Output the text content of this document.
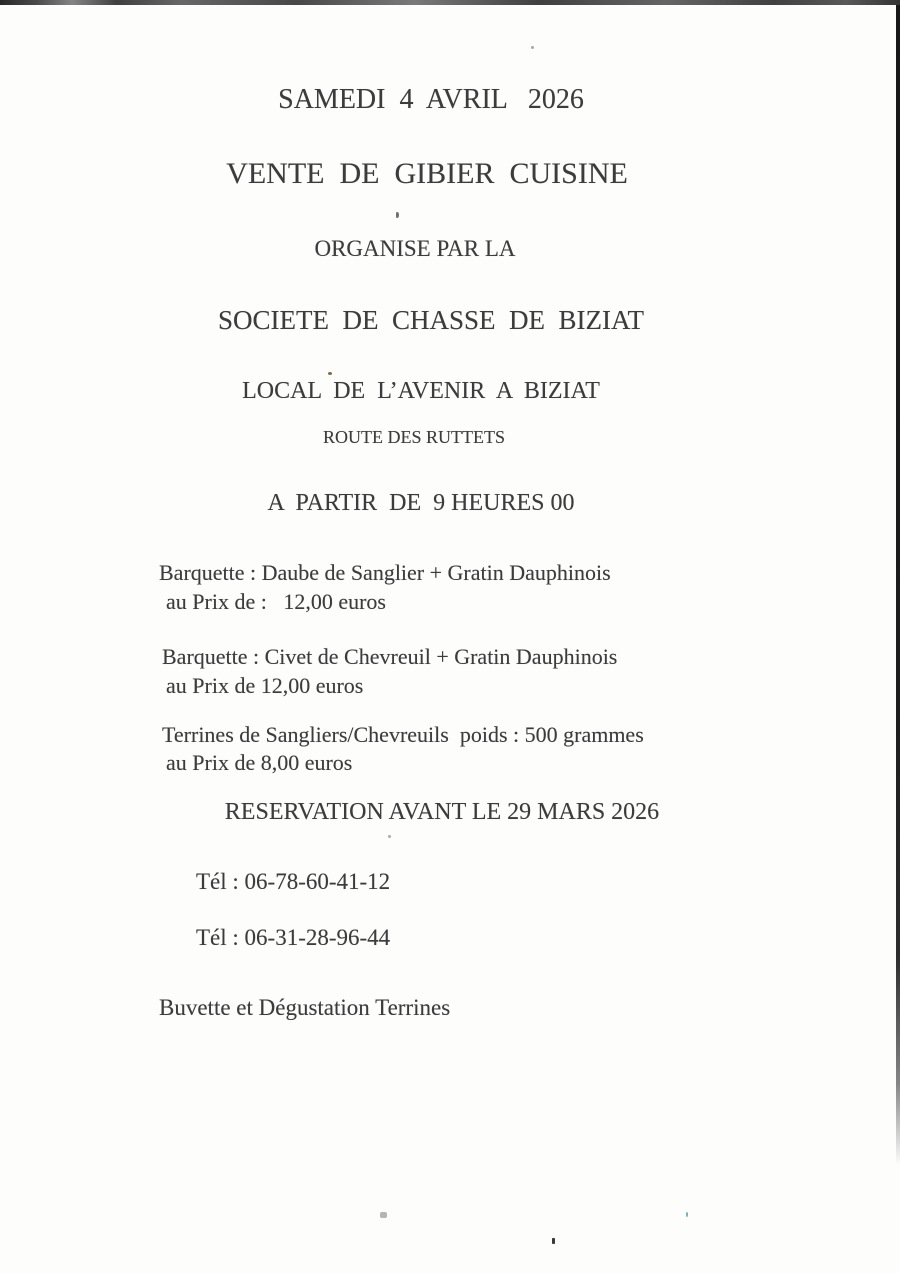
SAMEDI  4  AVRIL   2026
VENTE  DE  GIBIER  CUISINE
ORGANISE PAR LA
SOCIETE  DE  CHASSE  DE  BIZIAT
LOCAL  DE  L’AVENIR  A  BIZIAT
ROUTE DES RUTTETS
A  PARTIR  DE  9 HEURES 00
Barquette : Daube de Sanglier + Gratin Dauphinois
au Prix de :   12,00 euros
Barquette : Civet de Chevreuil + Gratin Dauphinois
au Prix de 12,00 euros
Terrines de Sangliers/Chevreuils  poids : 500 grammes
au Prix de 8,00 euros
RESERVATION AVANT LE 29 MARS 2026
Tél : 06-78-60-41-12
Tél : 06-31-28-96-44
Buvette et Dégustation Terrines
